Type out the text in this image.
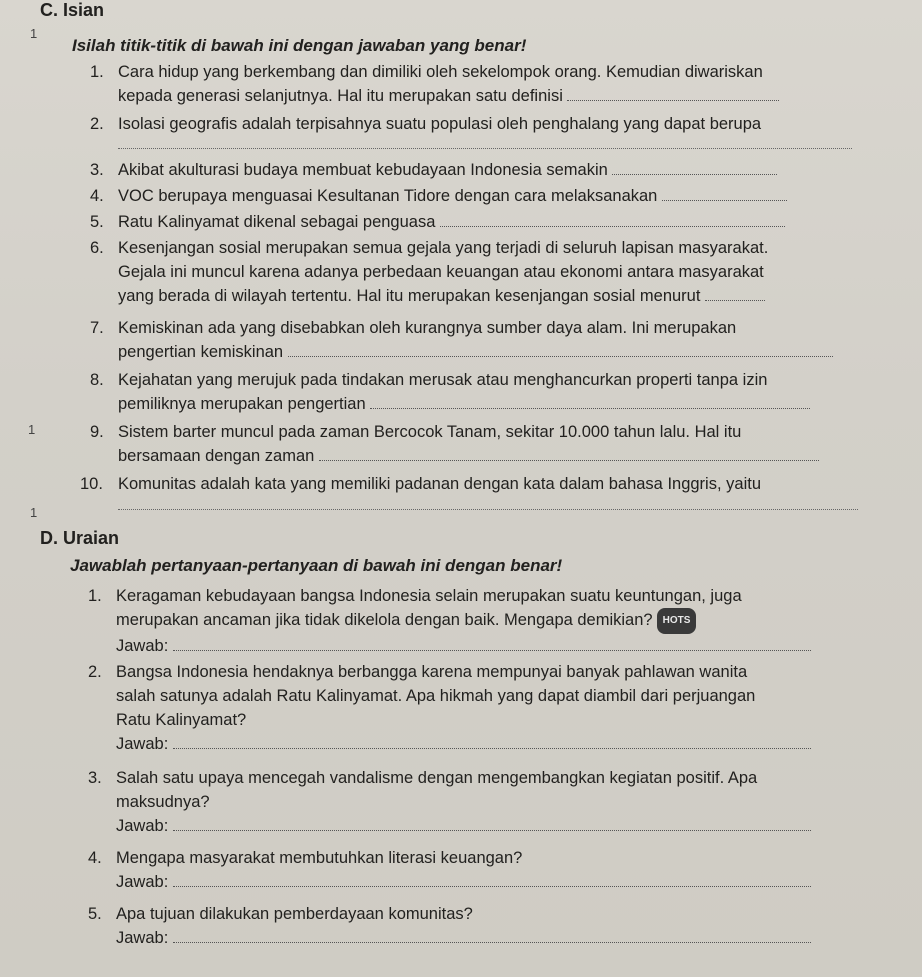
1
1
1
C. Isian
Isilah titik-titik di bawah ini dengan jawaban yang benar!
1. Cara hidup yang berkembang dan dimiliki oleh sekelompok orang. Kemudian diwariskan
kepada generasi selanjutnya. Hal itu merupakan satu definisi
2. Isolasi geografis adalah terpisahnya suatu populasi oleh penghalang yang dapat berupa
3. Akibat akulturasi budaya membuat kebudayaan Indonesia semakin
4. VOC berupaya menguasai Kesultanan Tidore dengan cara melaksanakan
5. Ratu Kalinyamat dikenal sebagai penguasa
6. Kesenjangan sosial merupakan semua gejala yang terjadi di seluruh lapisan masyarakat.
Gejala ini muncul karena adanya perbedaan keuangan atau ekonomi antara masyarakat
yang berada di wilayah tertentu. Hal itu merupakan kesenjangan sosial menurut
7. Kemiskinan ada yang disebabkan oleh kurangnya sumber daya alam. Ini merupakan
pengertian kemiskinan
8. Kejahatan yang merujuk pada tindakan merusak atau menghancurkan properti tanpa izin
pemiliknya merupakan pengertian
9. Sistem barter muncul pada zaman Bercocok Tanam, sekitar 10.000 tahun lalu. Hal itu
bersamaan dengan zaman
10. Komunitas adalah kata yang memiliki padanan dengan kata dalam bahasa Inggris, yaitu
D. Uraian
Jawablah pertanyaan-pertanyaan di bawah ini dengan benar!
1. Keragaman kebudayaan bangsa Indonesia selain merupakan suatu keuntungan, juga
merupakan ancaman jika tidak dikelola dengan baik. Mengapa demikian? HOTS
Jawab:
2. Bangsa Indonesia hendaknya berbangga karena mempunyai banyak pahlawan wanita
salah satunya adalah Ratu Kalinyamat. Apa hikmah yang dapat diambil dari perjuangan
Ratu Kalinyamat?
Jawab:
3. Salah satu upaya mencegah vandalisme dengan mengembangkan kegiatan positif. Apa
maksudnya?
Jawab:
4. Mengapa masyarakat membutuhkan literasi keuangan?
Jawab:
5. Apa tujuan dilakukan pemberdayaan komunitas?
Jawab:
